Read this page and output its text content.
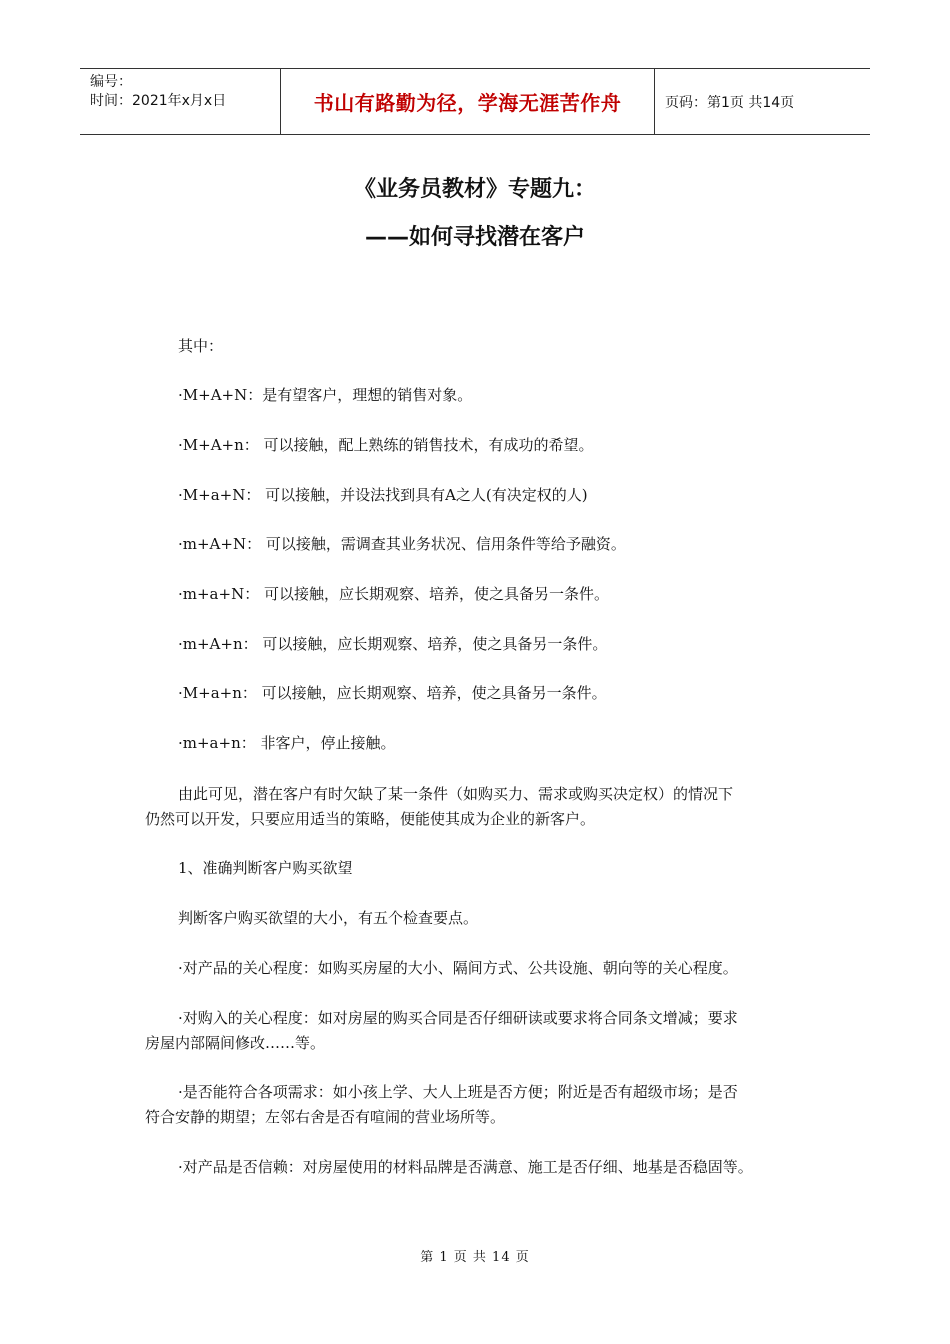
编号：
时间：2021年x月x日	书山有路勤为径，学海无涯苦作舟	页码：第1页 共14页
《业务员教材》专题九：
——如何寻找潜在客户
其中：
·M+A+N：是有望客户，理想的销售对象。
·M+A+n： 可以接触，配上熟练的销售技术，有成功的希望。
·M+a+N： 可以接触，并设法找到具有A之人(有决定权的人)
·m+A+N： 可以接触，需调查其业务状况、信用条件等给予融资。
·m+a+N： 可以接触，应长期观察、培养，使之具备另一条件。
·m+A+n： 可以接触，应长期观察、培养，使之具备另一条件。
·M+a+n： 可以接触，应长期观察、培养，使之具备另一条件。
·m+a+n： 非客户，停止接触。
由此可见，潜在客户有时欠缺了某一条件（如购买力、需求或购买决定权）的情况下
仍然可以开发，只要应用适当的策略，便能使其成为企业的新客户。
1、准确判断客户购买欲望
判断客户购买欲望的大小，有五个检查要点。
·对产品的关心程度：如购买房屋的大小、隔间方式、公共设施、朝向等的关心程度。
·对购入的关心程度：如对房屋的购买合同是否仔细研读或要求将合同条文增减；要求
房屋内部隔间修改……等。
·是否能符合各项需求：如小孩上学、大人上班是否方便；附近是否有超级市场；是否
符合安静的期望；左邻右舍是否有喧闹的营业场所等。
·对产品是否信赖：对房屋使用的材料品牌是否满意、施工是否仔细、地基是否稳固等。
第 1 页 共 14 页
